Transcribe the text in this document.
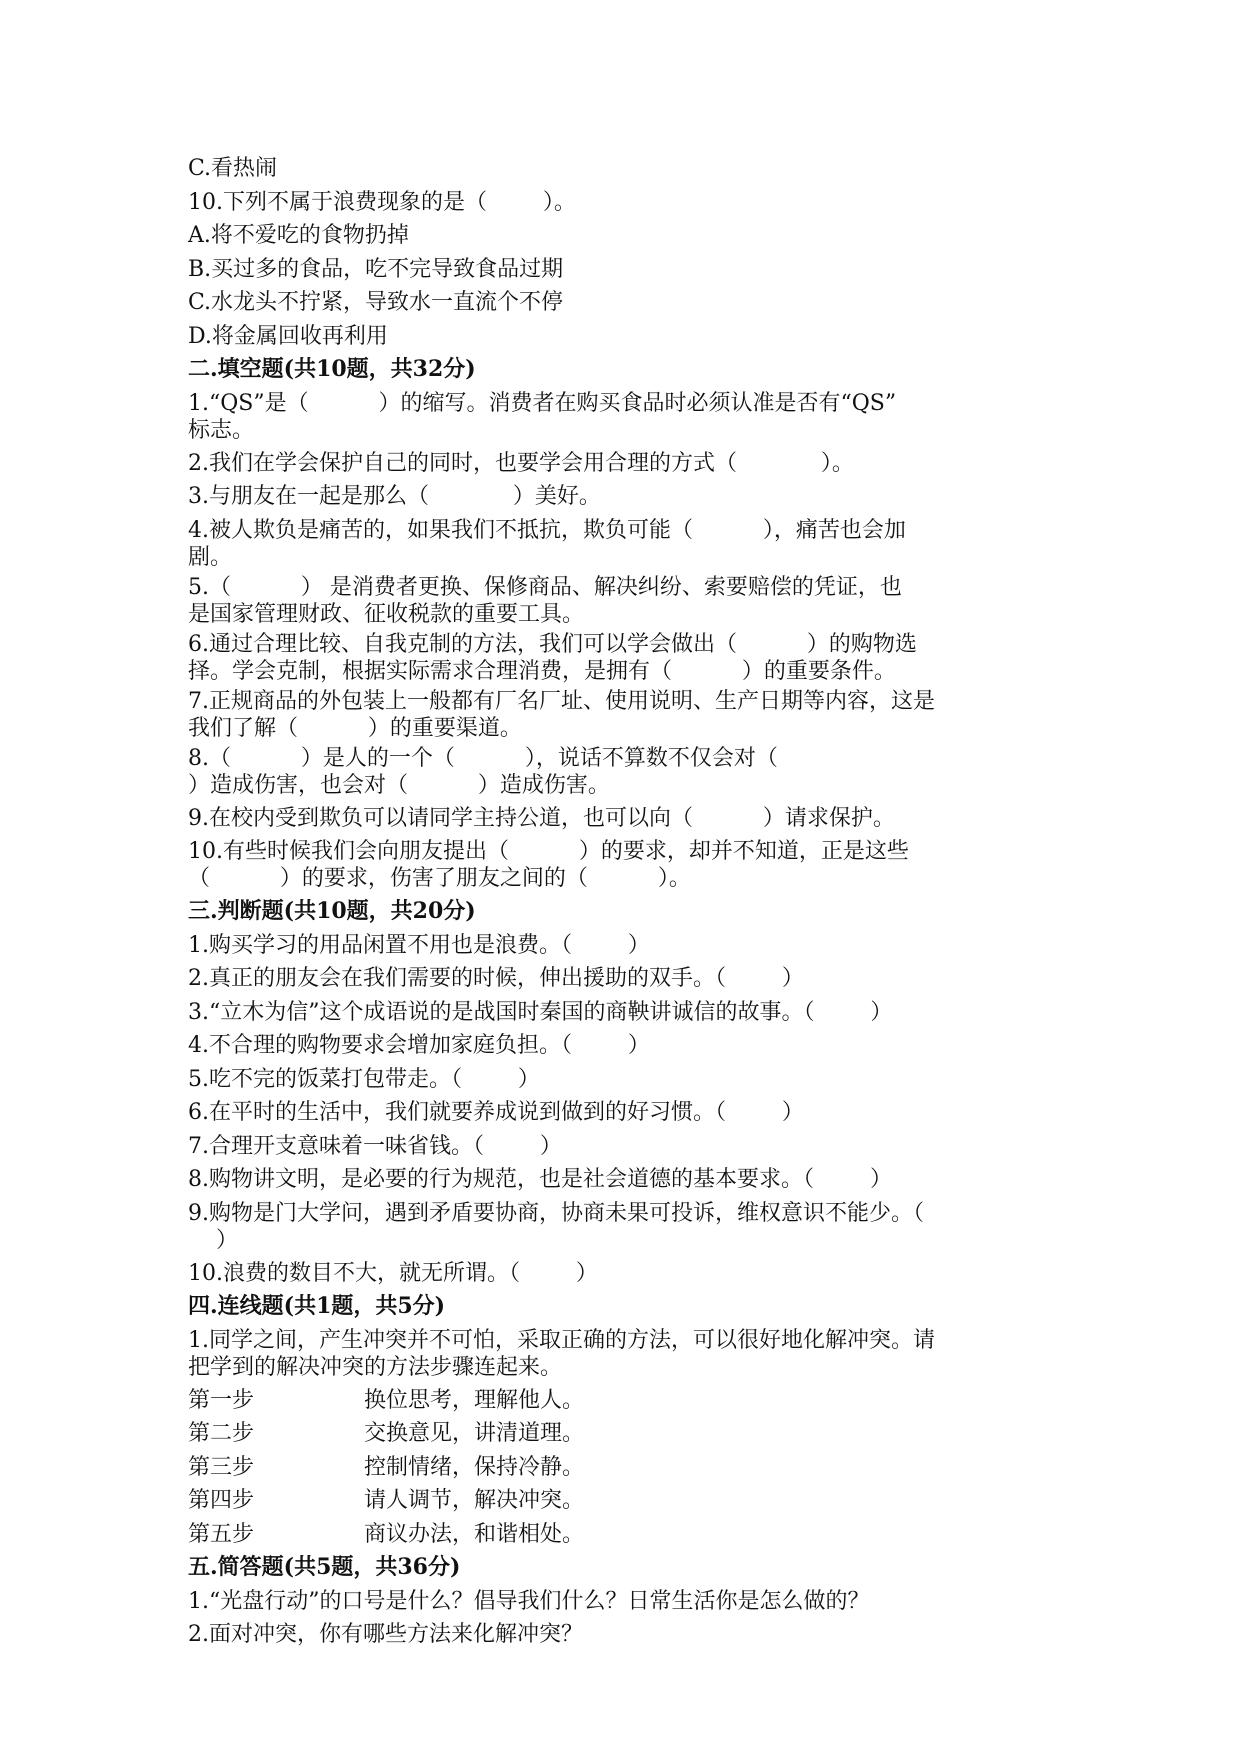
C.看热闹
10.下列不属于浪费现象的是（        ）。
A.将不爱吃的食物扔掉
B.买过多的食品，吃不完导致食品过期
C.水龙头不拧紧，导致水一直流个不停
D.将金属回收再利用
二.填空题(共10题，共32分)
1.“QS”是（          ）的缩写。消费者在购买食品时必须认准是否有“QS”
标志。
2.我们在学会保护自己的同时，也要学会用合理的方式（            ）。
3.与朋友在一起是那么（            ）美好。
4.被人欺负是痛苦的，如果我们不抵抗，欺负可能（          ），痛苦也会加
剧。
5.（          ） 是消费者更换、保修商品、解决纠纷、索要赔偿的凭证，也
是国家管理财政、征收税款的重要工具。
6.通过合理比较、自我克制的方法，我们可以学会做出（          ）的购物选
择。学会克制，根据实际需求合理消费，是拥有（          ）的重要条件。
7.正规商品的外包装上一般都有厂名厂址、使用说明、生产日期等内容，这是
我们了解（          ）的重要渠道。
8.（          ）是人的一个（          ），说话不算数不仅会对（
）造成伤害，也会对（          ）造成伤害。
9.在校内受到欺负可以请同学主持公道，也可以向（          ）请求保护。
10.有些时候我们会向朋友提出（          ）的要求，却并不知道，正是这些
（          ）的要求，伤害了朋友之间的（          ）。
三.判断题(共10题，共20分)
1.购买学习的用品闲置不用也是浪费。（        ）
2.真正的朋友会在我们需要的时候，伸出援助的双手。（        ）
3.“立木为信”这个成语说的是战国时秦国的商鞅讲诚信的故事。（        ）
4.不合理的购物要求会增加家庭负担。（        ）
5.吃不完的饭菜打包带走。（        ）
6.在平时的生活中，我们就要养成说到做到的好习惯。（        ）
7.合理开支意味着一味省钱。（        ）
8.购物讲文明，是必要的行为规范，也是社会道德的基本要求。（        ）
9.购物是门大学问，遇到矛盾要协商，协商未果可投诉，维权意识不能少。（
）
10.浪费的数目不大，就无所谓。（        ）
四.连线题(共1题，共5分)
1.同学之间，产生冲突并不可怕，采取正确的方法，可以很好地化解冲突。请
把学到的解决冲突的方法步骤连起来。
第一步	换位思考，理解他人。
第二步	交换意见，讲清道理。
第三步	控制情绪，保持冷静。
第四步	请人调节，解决冲突。
第五步	商议办法，和谐相处。
五.简答题(共5题，共36分)
1.“光盘行动”的口号是什么？倡导我们什么？日常生活你是怎么做的？
2.面对冲突，你有哪些方法来化解冲突？
